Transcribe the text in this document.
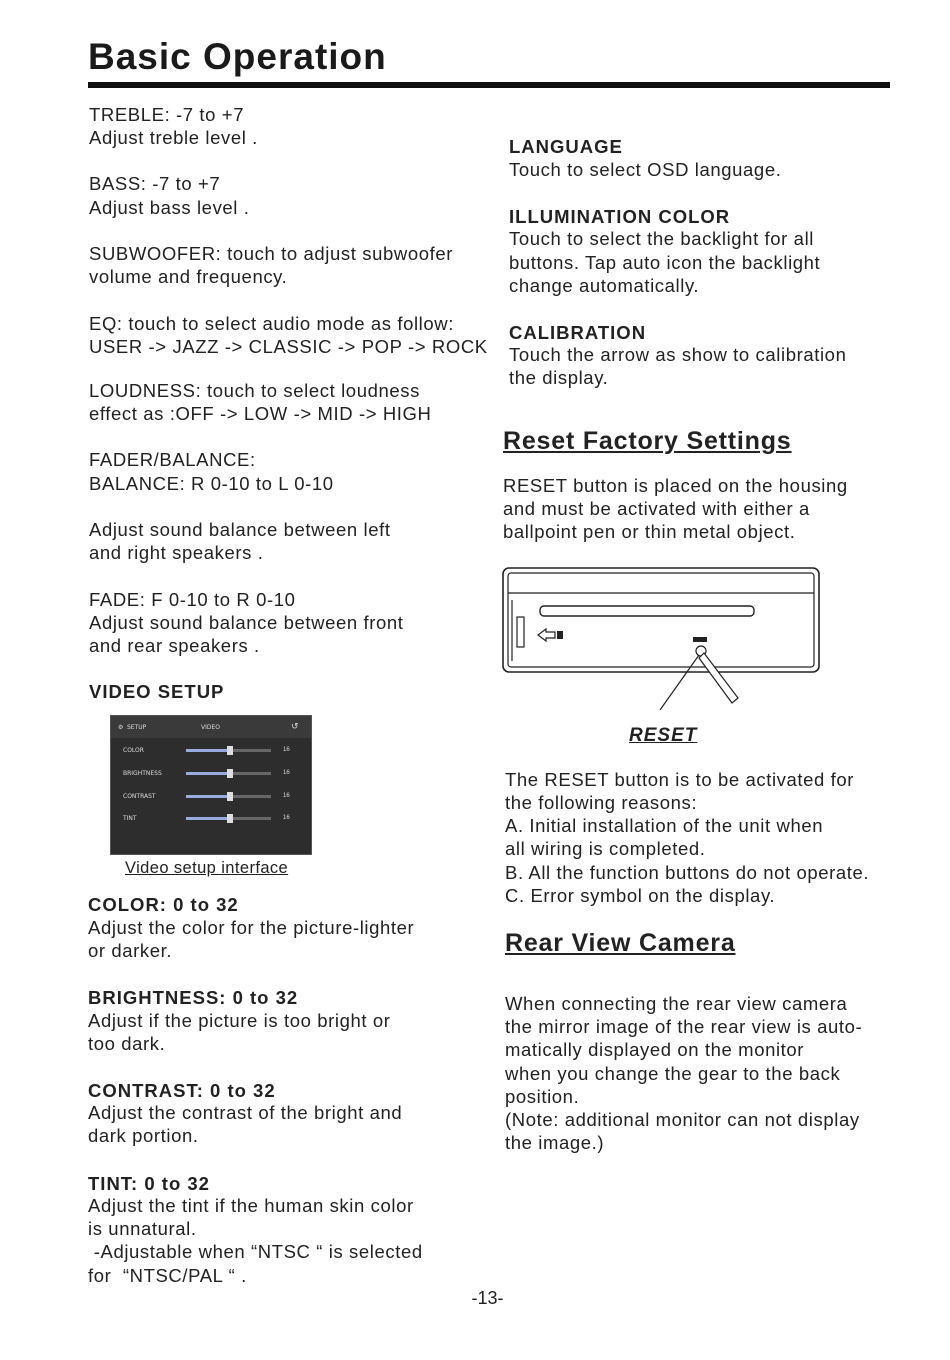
Basic Operation
TREBLE: -7 to +7
Adjust treble level .
BASS: -7 to +7
Adjust bass level .
SUBWOOFER: touch to adjust subwoofer
volume and frequency.
EQ: touch to select audio mode as follow:
USER -> JAZZ -> CLASSIC -> POP -> ROCK
LOUDNESS: touch to select loudness
effect as :OFF -> LOW -> MID -> HIGH
FADER/BALANCE:
BALANCE: R 0-10 to L 0-10
Adjust sound balance between left
and right speakers .
FADE: F 0-10 to R 0-10
Adjust sound balance between front
and rear speakers .
VIDEO SETUP
⚙ SETUP	VIDEO	↺
COLOR	16
BRIGHTNESS	16
CONTRAST	16
TINT	16
Video setup interface
COLOR: 0 to 32
Adjust the color for the picture-lighter
or darker.
BRIGHTNESS: 0 to 32
Adjust if the picture is too bright or
too dark.
CONTRAST: 0 to 32
Adjust the contrast of the bright and
dark portion.
TINT: 0 to 32
Adjust the tint if the human skin color
is unnatural.
-Adjustable when “NTSC “ is selected
for  “NTSC/PAL “ .
LANGUAGE
Touch to select OSD language.
ILLUMINATION COLOR
Touch to select the backlight for all
buttons. Tap auto icon the backlight
change automatically.
CALIBRATION
Touch the arrow as show to calibration
the display.
Reset Factory Settings
RESET button is placed on the housing
and must be activated with either a
ballpoint pen or thin metal object.
RESET
The RESET button is to be activated for
the following reasons:
A. Initial installation of the unit when
all wiring is completed.
B. All the function buttons do not operate.
C. Error symbol on the display.
Rear View Camera
When connecting the rear view camera
the mirror image of the rear view is auto-
matically displayed on the monitor
when you change the gear to the back
position.
(Note: additional monitor can not display
the image.)
-13-
